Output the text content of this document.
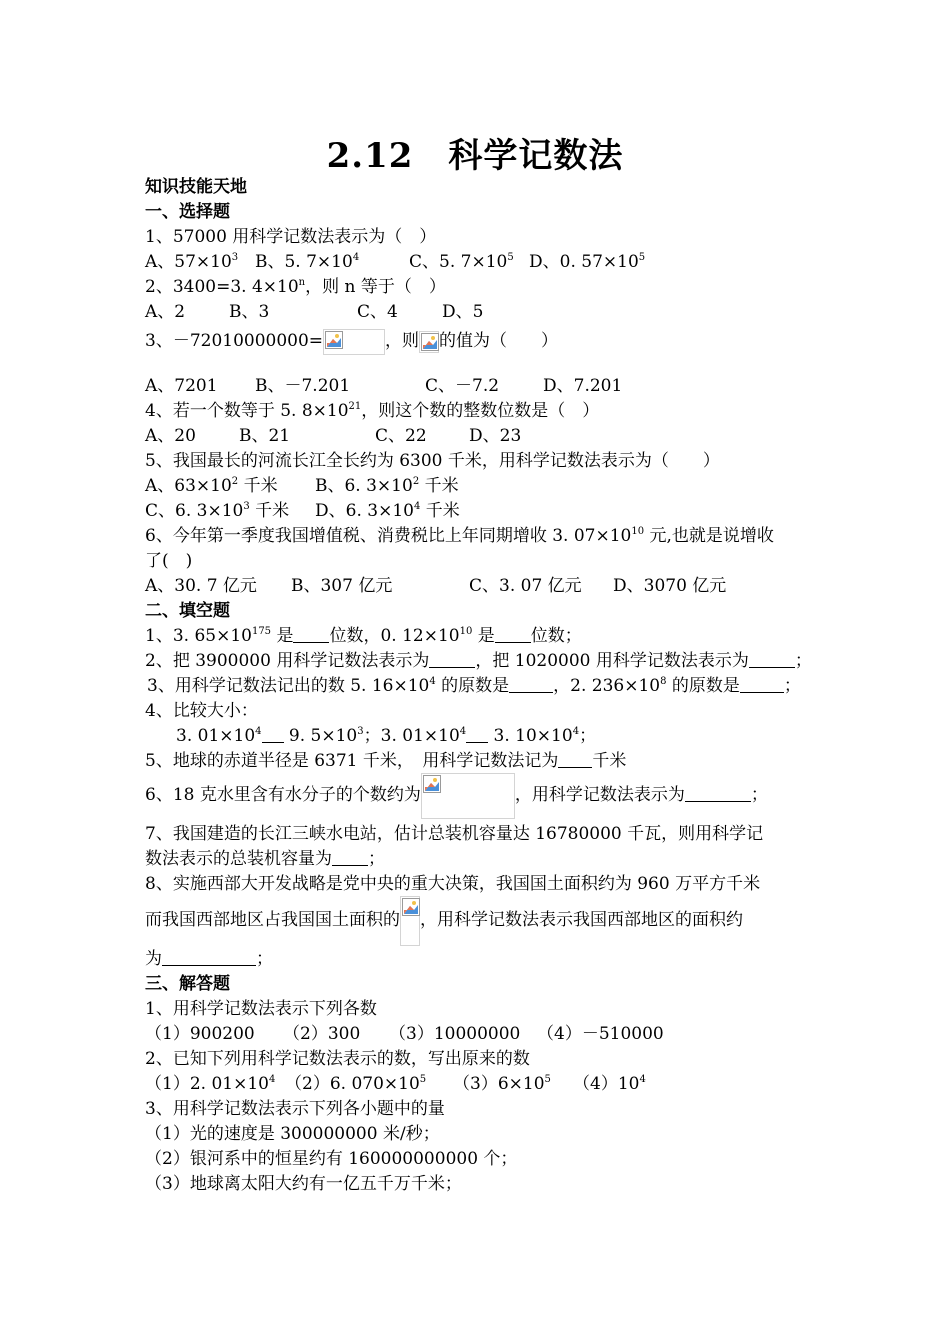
2.12　科学记数法
知识技能天地
一、选择题
1、57000 用科学记数法表示为（　）
A、$57\times 10^3$ B、5. $7\times 10^4$	C、5. $7\times 10^5$ D、0. $57\times 10^5$
2、3400=3. $4\times 10^n$，则 n 等于（　）
A、2	B、3	C、4	D、5
3、－72010000000=	，则 的值为（　　）
A、7201 B、－7.201	C、－7.2	D、7.201
4、若一个数等于 5. $8\times 10^{21}$，则这个数的整数位数是（　）
A、20	B、21	C、22 D、23
5、我国最长的河流长江全长约为 6300 千米，用科学记数法表示为（　　）
A、$63\times 10^2$ 千米 B、6. $3\times 10^2$ 千米
C、6. $3\times 10^3$ 千米 D、6. $3\times 10^4$ 千米
6、今年第一季度我国增值税、消费税比上年同期增收 3. $07\times 10^{10}$ 元,也就是说增收
了(　)
A、30. 7 亿元 B、307 亿元	C、3. 07 亿元 D、3070 亿元
二、填空题
1、3. $65\times 10^{175}$ 是 位数，0. $12\times 10^{10}$ 是 位数；
2、把 3900000 用科学记数法表示为	，把 1020000 用科学记数法表示为	；
3、用科学记数法记出的数 5. $16\times 10^4$ 的原数是	，2. $236\times 10^8$ 的原数是	；
4、比较大小：
3. $01\times 10^4$ 9. $5\times 10^3$；3. $01\times 10^4$ 3. $10\times 10^4$；
5、地球的赤道半径是 6371 千米，　用科学记数法记为 千米
6、18 克水里含有水分子的个数约为	，用科学记数法表示为	；
7、我国建造的长江三峡水电站，估计总装机容量达 16780000 千瓦，则用科学记
数法表示的总装机容量为 ；
8、实施西部大开发战略是党中央的重大决策，我国国土面积约为 960 万平方千米
而我国西部地区占我国国土面积的 ，用科学记数法表示我国西部地区的面积约
为	；
三、解答题
1、用科学记数法表示下列各数
（1）900200 （2）300 （3）10000000 （4）－510000
2、已知下列用科学记数法表示的数，写出原来的数
（1）2. $01\times 10^4$ （2）6. $070\times 10^5$ $(3)6\times 10^5$ $(4)10^4$
3、用科学记数法表示下列各小题中的量
（1）光的速度是 300000000 米/秒；
（2）银河系中的恒星约有 160000000000 个；
（3）地球离太阳大约有一亿五千万千米；
